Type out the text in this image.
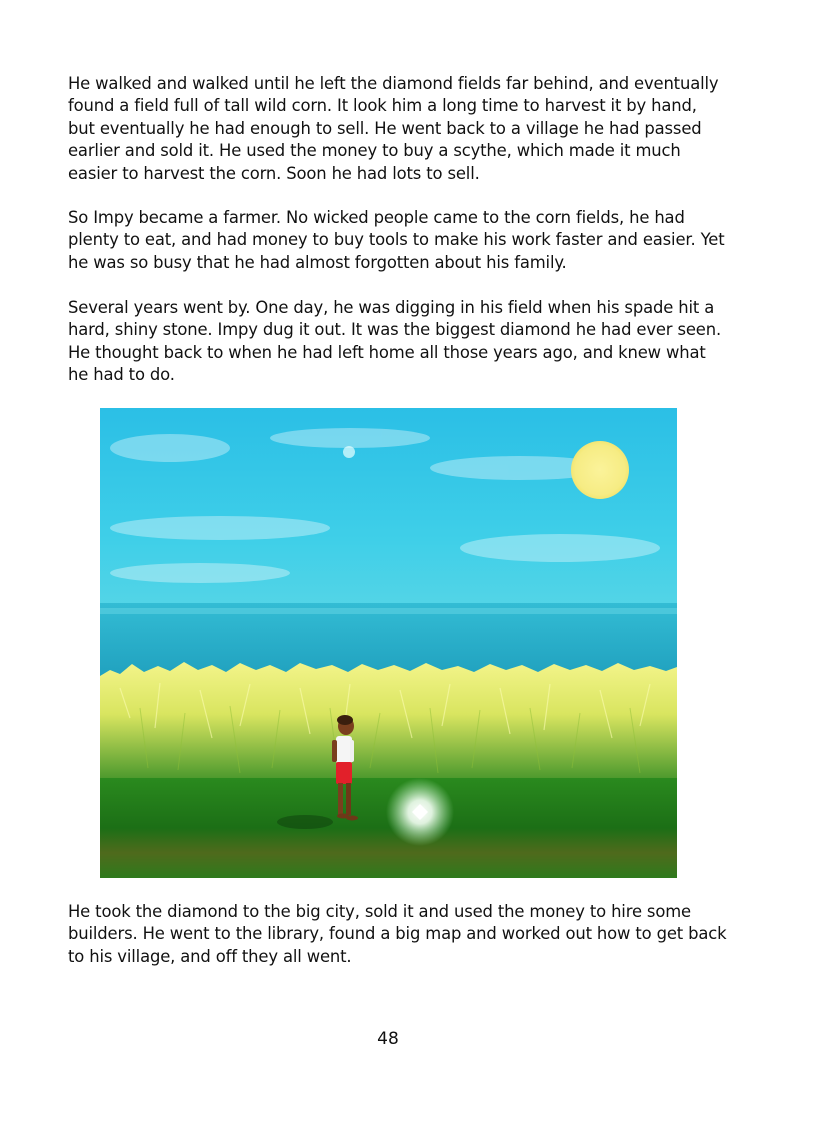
He walked and walked until he left the diamond fields far behind, and eventually found a field full of tall wild corn. It look him a long time to harvest it by hand, but eventually he had enough to sell. He went back to a village he had passed earlier and sold it. He used the money to buy a scythe, which made it much easier to harvest the corn. Soon he had lots to sell.

So Impy became a farmer. No wicked people came to the corn fields, he had plenty to eat, and had money to buy tools to make his work faster and easier. Yet he was so busy that he had almost forgotten about his family.

Several years went by. One day, he was digging in his field when his spade hit a hard, shiny stone. Impy dug it out. It was the biggest diamond he had ever seen. He thought back to when he had left home all those years ago, and knew what he had to do.

He took the diamond to the big city, sold it and used the money to hire some builders. He went to the library, found a big map and worked out how to get back to his village, and off they all went.

48
